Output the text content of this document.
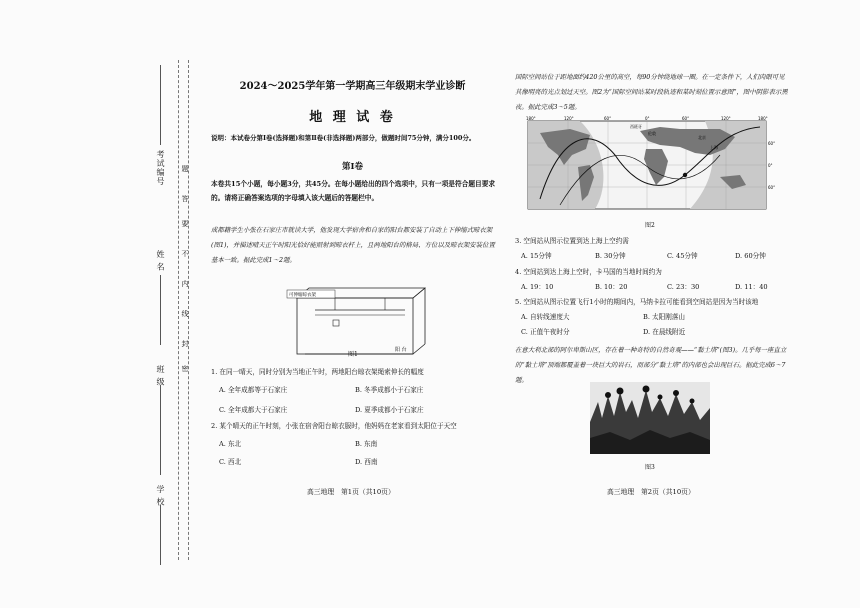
考试编号
姓 名
班 级
学 校
题
答
要
不
内
线
封
密
2024～2025学年第一学期高三年级期末学业诊断
地 理 试 卷
说明：本试卷分第Ⅰ卷(选择题)和第Ⅱ卷(非选择题)两部分，做题时间75分钟，满分100分。
第Ⅰ卷
本卷共15个小题，每小题3分，共45分。在每小题给出的四个选项中，只有一项是符合题目要求的。请将正确答案选项的字母填入该大题后的答题栏中。
成都籍学生小张在石家庄市就读大学，他发现大学宿舍和自家的阳台都安装了自动上下伸缩式晾衣架(图1)，并描述晴天正午时阳光恰好能照射到晾衣杆上，且两地阳台的格局、方位以及晾衣架安装位置基本一致。据此完成1～2题。
可伸缩晾衣架
阳 台
图1
1. 在同一晴天，同时分别为当地正午时，两地阳台晾衣架绳索伸长的幅度
A. 全年成都等于石家庄	B. 冬季成都小于石家庄
C. 全年成都大于石家庄	D. 夏季成都小于石家庄
2. 某个晴天的正午时刻，小张在宿舍阳台晾衣服时，他妈妈在老家看到太阳位于天空
A. 东北	B. 东南
C. 西北	D. 西南
高三地理　第1页（共10页）
国际空间站位于距地面约420公里的高空，每90分钟绕地球一圈。在一定条件下，人们肉眼可见其像明亮的光点划过天空。图2为“国际空间站某时段轨迹和某时刻位置示意图”，图中阴影表示黑夜。据此完成3～5题。
180°	120°	60°	0°	60°	120°	180°
60°
0°
60°
西班牙
北京
伦敦
上海
图2
3. 空间站从图示位置到达上海上空约需
A. 15分钟	B. 30分钟	C. 45分钟	D. 60分钟
4. 空间站到达上海上空时，卡马国的当地时间约为
A. 19：10	B. 10：20	C. 23：30	D. 11：40
5. 空间站从图示位置飞行1小时的期间内，马纳卡拉可能看到空间站是因为当时该地
A. 自转线速度大	B. 太阳刚落山
C. 正值午夜时分	D. 在晨线附近
在意大利北部的阿尔卑斯山区，存在着一种奇特的自然奇观——“黏土塔”(图3)。几乎每一座直立的“黏土塔”顶端都覆盖着一块巨大的岩石，而部分“黏土塔”的内部也会出现巨石。据此完成6～7题。
图3
高三地理　第2页（共10页）
